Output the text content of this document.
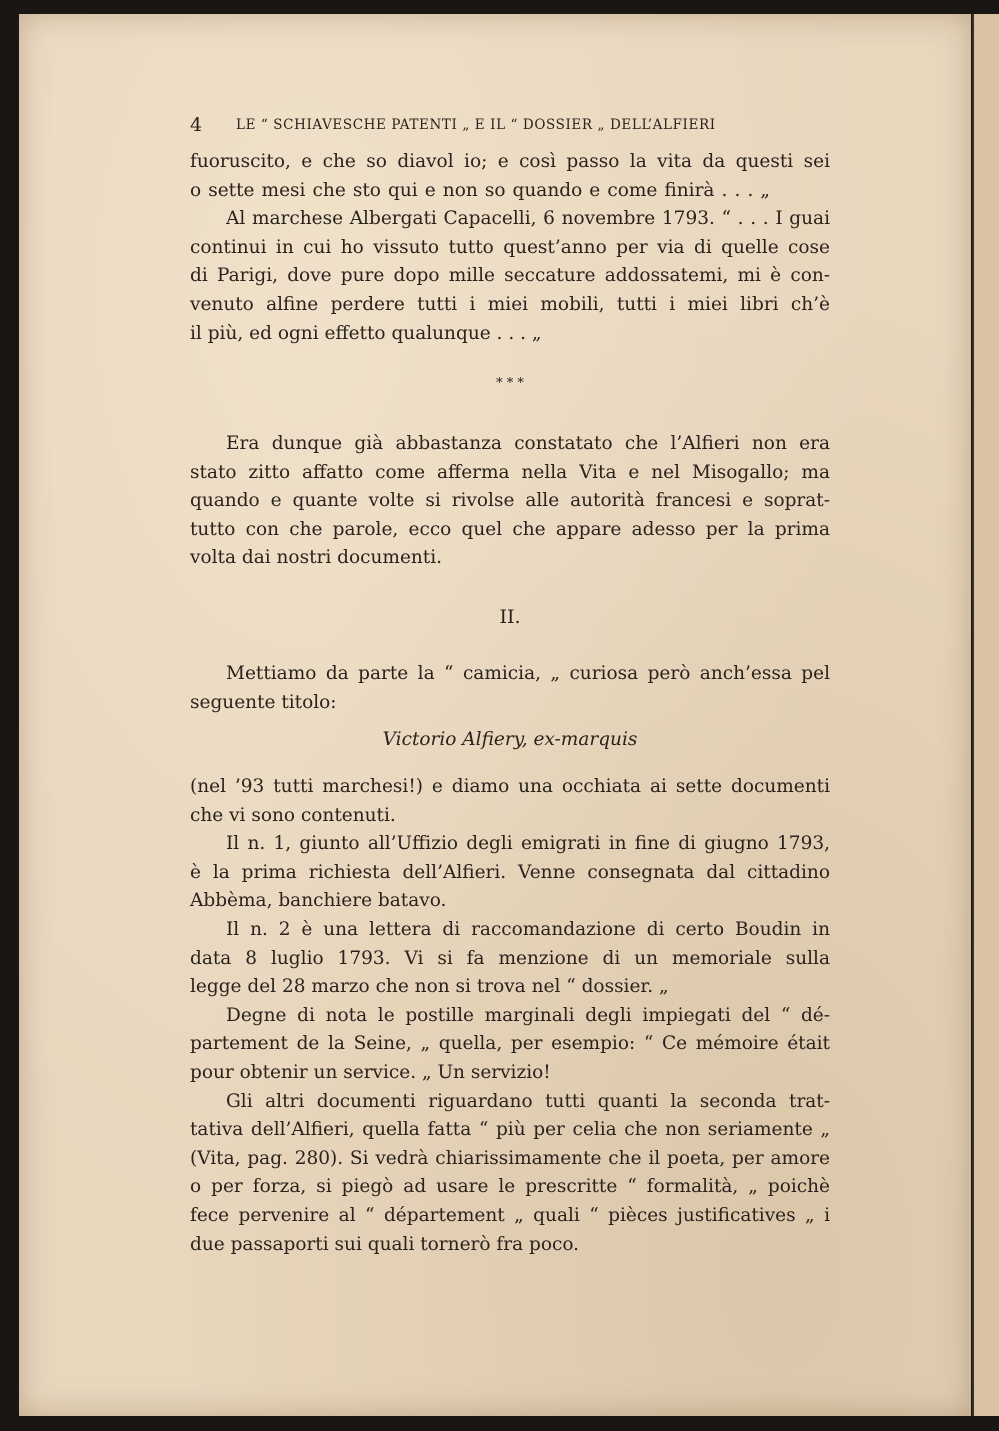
4	LE “ SCHIAVESCHE PATENTI „ E IL “ DOSSIER „ DELL’ALFIERI
fuoruscito, e che so diavol io; e così passo la vita da questi sei
o sette mesi che sto qui e non so quando e come finirà . . . „
Al marchese Albergati Capacelli, 6 novembre 1793. “ . . . I guai
continui in cui ho vissuto tutto quest’anno per via di quelle cose
di Parigi, dove pure dopo mille seccature addossatemi, mi è con-
venuto alfine perdere tutti i miei mobili, tutti i miei libri ch’è
il più, ed ogni effetto qualunque . . . „
* * *
Era dunque già abbastanza constatato che l’Alfieri non era
stato zitto affatto come afferma nella Vita e nel Misogallo; ma
quando e quante volte si rivolse alle autorità francesi e soprat-
tutto con che parole, ecco quel che appare adesso per la prima
volta dai nostri documenti.
II.
Mettiamo da parte la “ camicia, „ curiosa però anch’essa pel
seguente titolo:
Victorio Alfiery, ex-marquis
(nel ’93 tutti marchesi!) e diamo una occhiata ai sette documenti
che vi sono contenuti.
Il n. 1, giunto all’Uffizio degli emigrati in fine di giugno 1793,
è la prima richiesta dell’Alfieri. Venne consegnata dal cittadino
Abbèma, banchiere batavo.
Il n. 2 è una lettera di raccomandazione di certo Boudin in
data 8 luglio 1793. Vi si fa menzione di un memoriale sulla
legge del 28 marzo che non si trova nel “ dossier. „
Degne di nota le postille marginali degli impiegati del “ dé-
partement de la Seine, „ quella, per esempio: “ Ce mémoire était
pour obtenir un service. „ Un servizio!
Gli altri documenti riguardano tutti quanti la seconda trat-
tativa dell’Alfieri, quella fatta “ più per celia che non seriamente „
(Vita, pag. 280). Si vedrà chiarissimamente che il poeta, per amore
o per forza, si piegò ad usare le prescritte “ formalità, „ poichè
fece pervenire al “ département „ quali “ pièces justificatives „ i
due passaporti sui quali tornerò fra poco.
